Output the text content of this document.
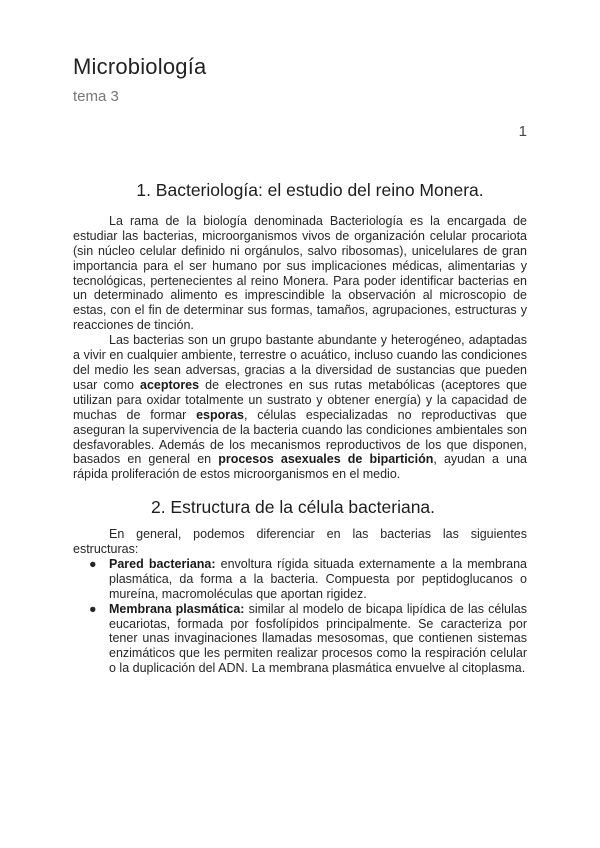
Microbiología
tema 3
1
1. Bacteriología: el estudio del reino Monera.

La rama de la biología denominada Bacteriología es la encargada de estudiar las bacterias, microorganismos vivos de organización celular procariota (sin núcleo celular definido ni orgánulos, salvo ribosomas), unicelulares de gran importancia para el ser humano por sus implicaciones médicas, alimentarias y tecnológicas, pertenecientes al reino Monera. Para poder identificar bacterias en un determinado alimento es imprescindible la observación al microscopio de estas, con el fin de determinar sus formas, tamaños, agrupaciones, estructuras y reacciones de tinción.

Las bacterias son un grupo bastante abundante y heterogéneo, adaptadas a vivir en cualquier ambiente, terrestre o acuático, incluso cuando las condiciones del medio les sean adversas, gracias a la diversidad de sustancias que pueden usar como aceptores de electrones en sus rutas metabólicas (aceptores que utilizan para oxidar totalmente un sustrato y obtener energía) y la capacidad de muchas de formar esporas, células especializadas no reproductivas que aseguran la supervivencia de la bacteria cuando las condiciones ambientales son desfavorables. Además de los mecanismos reproductivos de los que disponen, basados en general en procesos asexuales de bipartición, ayudan a una rápida proliferación de estos microorganismos en el medio.

2. Estructura de la célula bacteriana.

En general, podemos diferenciar en las bacterias las siguientes estructuras:

● Pared bacteriana: envoltura rígida situada externamente a la membrana plasmática, da forma a la bacteria. Compuesta por peptidoglucanos o mureína, macromoléculas que aportan rigidez.
● Membrana plasmática: similar al modelo de bicapa lipídica de las células eucariotas, formada por fosfolípidos principalmente. Se caracteriza por tener unas invaginaciones llamadas mesosomas, que contienen sistemas enzimáticos que les permiten realizar procesos como la respiración celular o la duplicación del ADN. La membrana plasmática envuelve al citoplasma.
